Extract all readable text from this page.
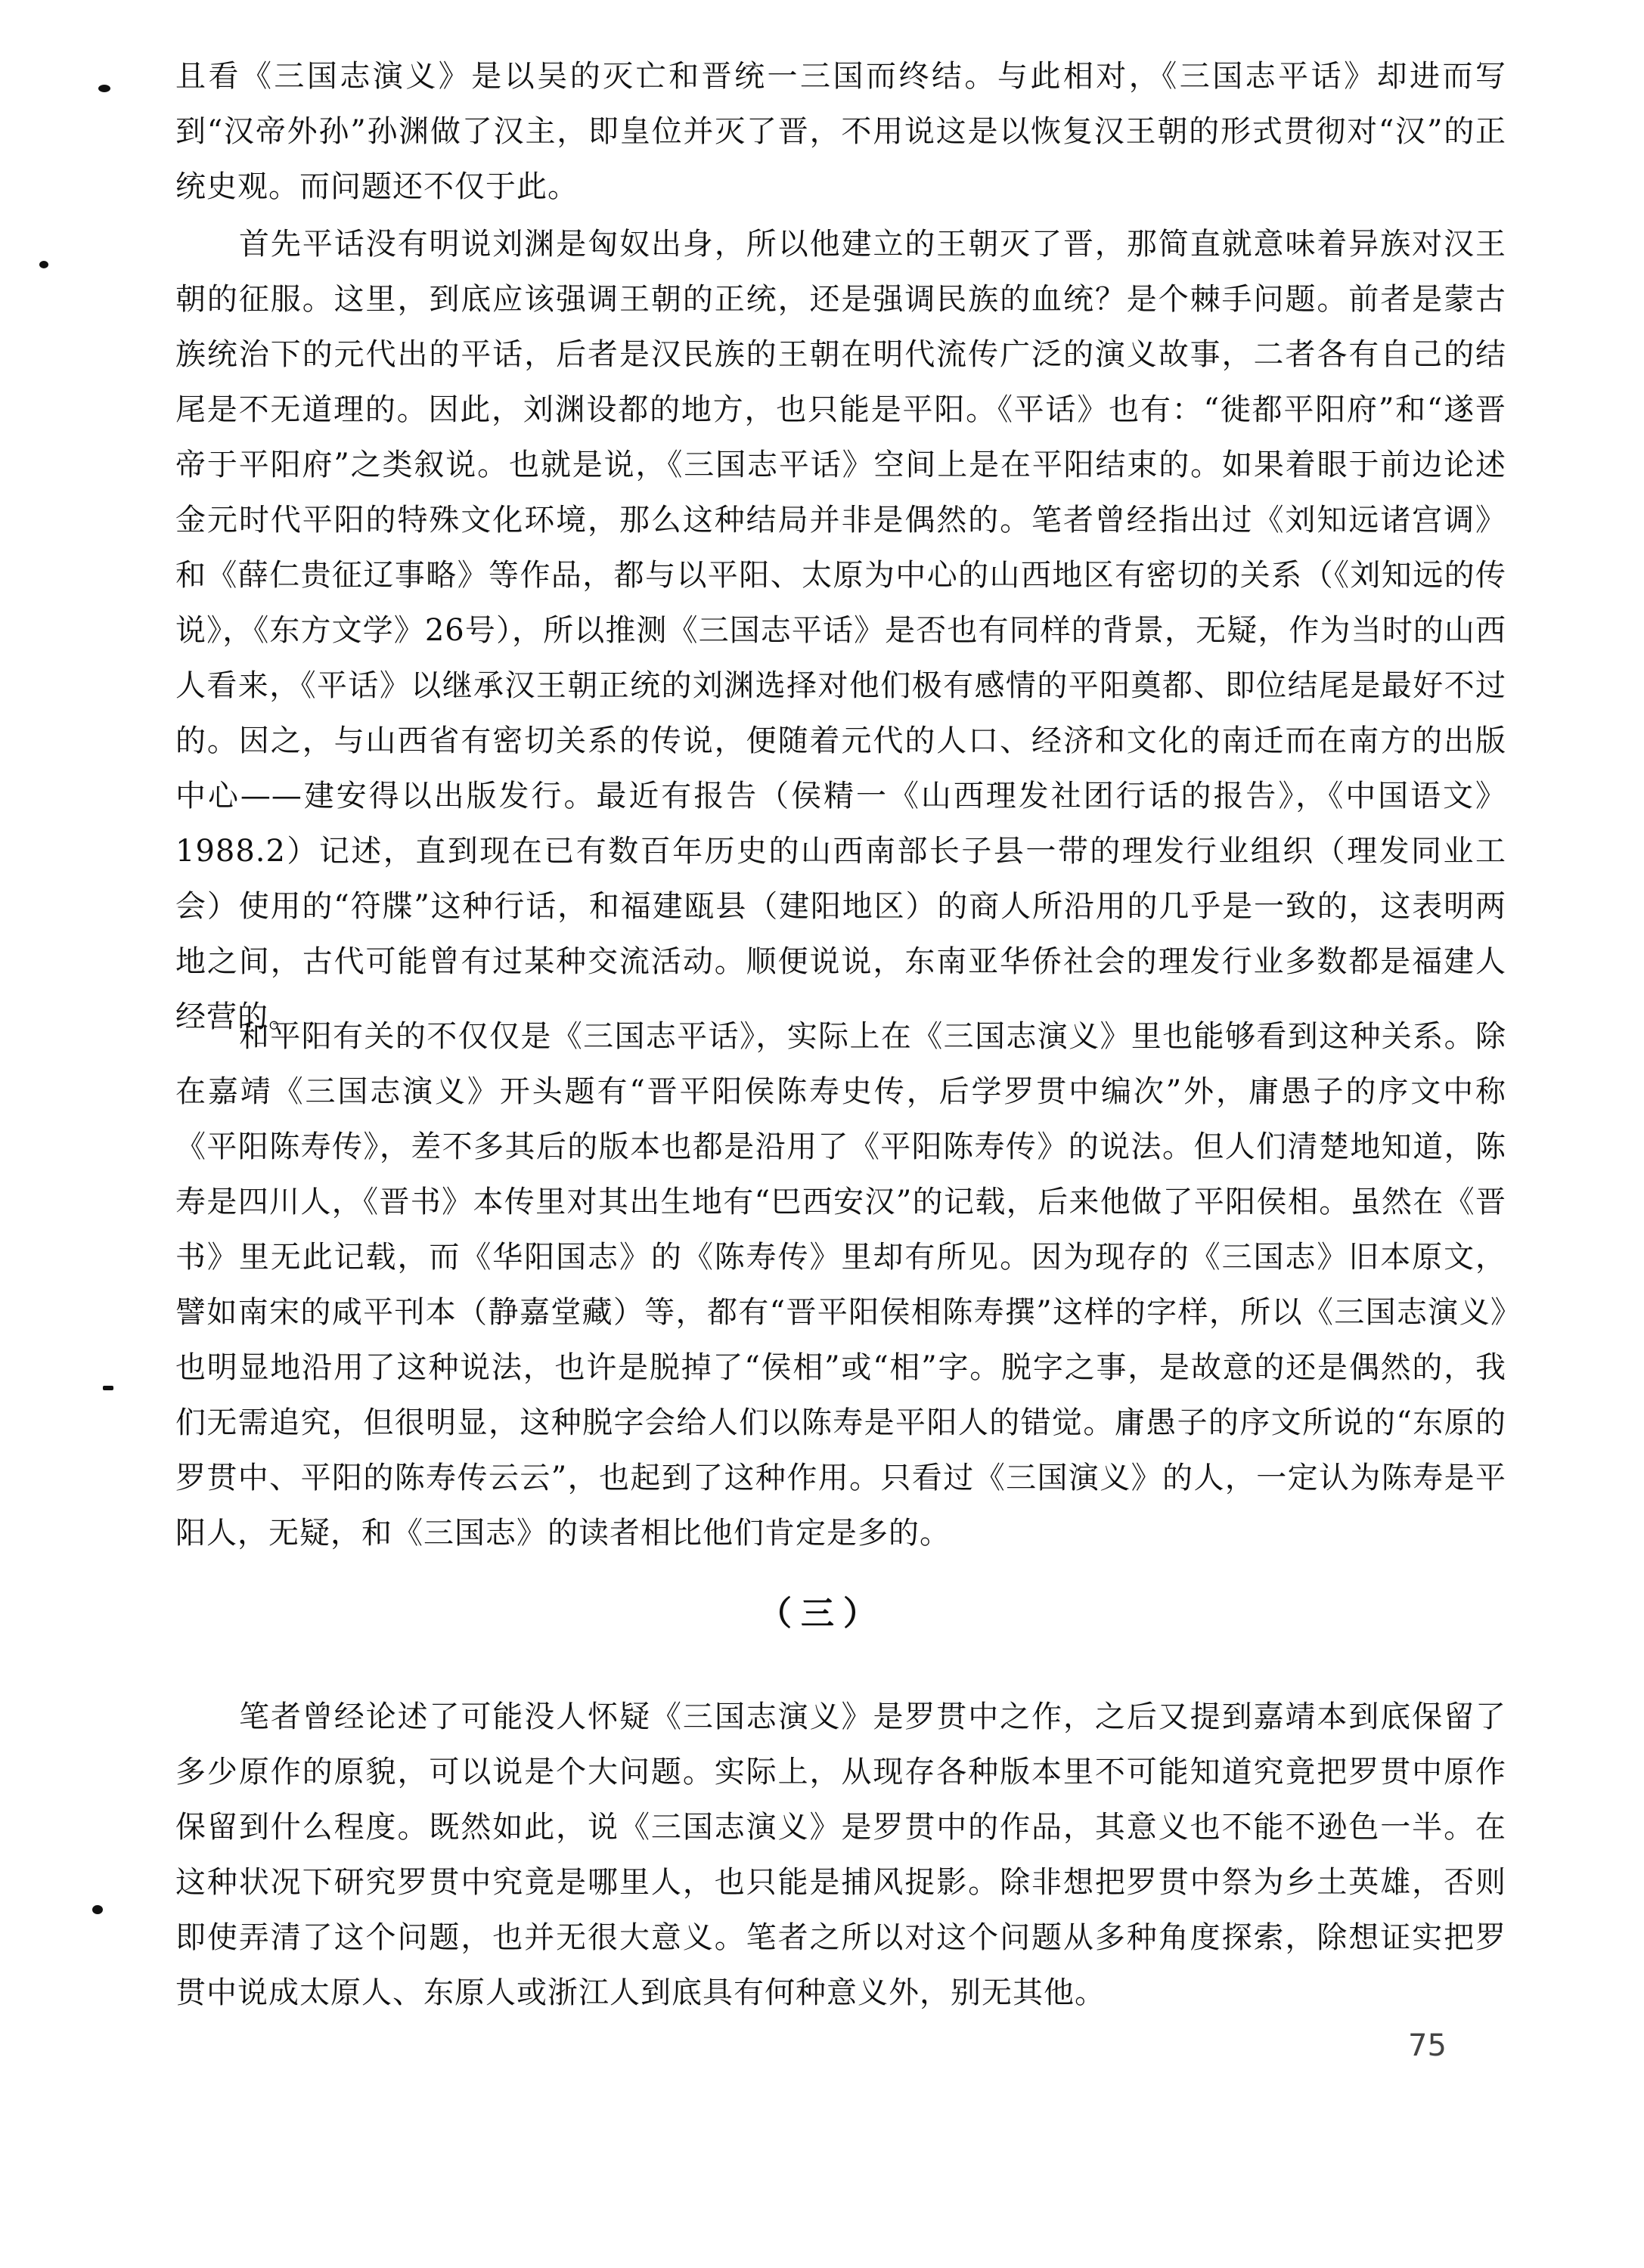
且看《三国志演义》是以吴的灭亡和晋统一三国而终结。与此相对，《三国志平话》却进而写到“汉帝外孙”孙渊做了汉主，即皇位并灭了晋，不用说这是以恢复汉王朝的形式贯彻对“汉”的正统史观。而问题还不仅于此。

首先平话没有明说刘渊是匈奴出身，所以他建立的王朝灭了晋，那简直就意味着异族对汉王朝的征服。这里，到底应该强调王朝的正统，还是强调民族的血统？是个棘手问题。前者是蒙古族统治下的元代出的平话，后者是汉民族的王朝在明代流传广泛的演义故事，二者各有自己的结尾是不无道理的。因此，刘渊设都的地方，也只能是平阳。《平话》也有：“徙都平阳府”和“遂晋帝于平阳府”之类叙说。也就是说，《三国志平话》空间上是在平阳结束的。如果着眼于前边论述金元时代平阳的特殊文化环境，那么这种结局并非是偶然的。笔者曾经指出过《刘知远诸宫调》和《薛仁贵征辽事略》等作品，都与以平阳、太原为中心的山西地区有密切的关系（《刘知远的传说》，《东方文学》26号），所以推测《三国志平话》是否也有同样的背景，无疑，作为当时的山西人看来，《平话》以继承汉王朝正统的刘渊选择对他们极有感情的平阳奠都、即位结尾是最好不过的。因之，与山西省有密切关系的传说，便随着元代的人口、经济和文化的南迁而在南方的出版中心——建安得以出版发行。最近有报告（侯精一《山西理发社团行话的报告》，《中国语文》1988.2）记述，直到现在已有数百年历史的山西南部长子县一带的理发行业组织（理发同业工会）使用的“符牒”这种行话，和福建瓯县（建阳地区）的商人所沿用的几乎是一致的，这表明两地之间，古代可能曾有过某种交流活动。顺便说说，东南亚华侨社会的理发行业多数都是福建人经营的。

和平阳有关的不仅仅是《三国志平话》，实际上在《三国志演义》里也能够看到这种关系。除在嘉靖《三国志演义》开头题有“晋平阳侯陈寿史传，后学罗贯中编次”外，庸愚子的序文中称《平阳陈寿传》，差不多其后的版本也都是沿用了《平阳陈寿传》的说法。但人们清楚地知道，陈寿是四川人，《晋书》本传里对其出生地有“巴西安汉”的记载，后来他做了平阳侯相。虽然在《晋书》里无此记载，而《华阳国志》的《陈寿传》里却有所见。因为现存的《三国志》旧本原文，譬如南宋的咸平刊本（静嘉堂藏）等，都有“晋平阳侯相陈寿撰”这样的字样，所以《三国志演义》也明显地沿用了这种说法，也许是脱掉了“侯相”或“相”字。脱字之事，是故意的还是偶然的，我们无需追究，但很明显，这种脱字会给人们以陈寿是平阳人的错觉。庸愚子的序文所说的“东原的罗贯中、平阳的陈寿传云云”，也起到了这种作用。只看过《三国演义》的人，一定认为陈寿是平阳人，无疑，和《三国志》的读者相比他们肯定是多的。

（三）

笔者曾经论述了可能没人怀疑《三国志演义》是罗贯中之作，之后又提到嘉靖本到底保留了多少原作的原貌，可以说是个大问题。实际上，从现存各种版本里不可能知道究竟把罗贯中原作保留到什么程度。既然如此，说《三国志演义》是罗贯中的作品，其意义也不能不逊色一半。在这种状况下研究罗贯中究竟是哪里人，也只能是捕风捉影。除非想把罗贯中祭为乡土英雄，否则即使弄清了这个问题，也并无很大意义。笔者之所以对这个问题从多种角度探索，除想证实把罗贯中说成太原人、东原人或浙江人到底具有何种意义外，别无其他。

75
